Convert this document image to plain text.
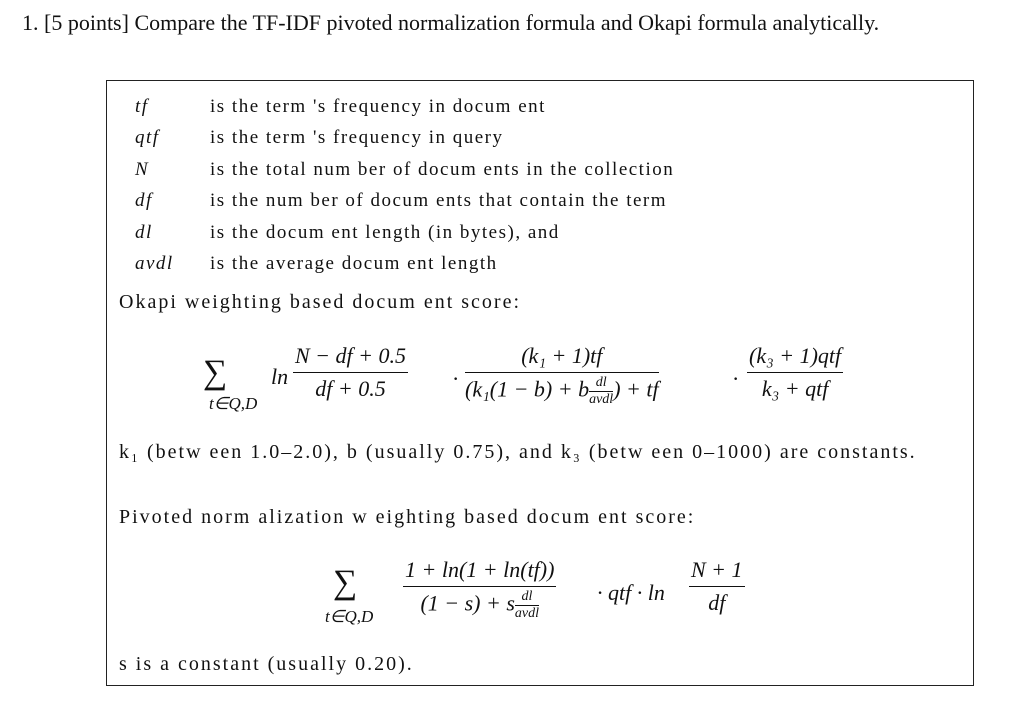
1. [5 points] Compare the TF-IDF pivoted normalization formula and Okapi formula analytically.
tf	is the term 's frequency in docum ent
qtf	is the term 's frequency in query
N	is the total num ber of docum ents in the collection
df	is the num ber of docum ents that contain the term
dl	is the docum ent length (in bytes), and
avdl	is the average docum ent length
Okapi weighting based docum ent score:
∑
t∈Q,D
$\ln \frac{N - df + 0.5}{df + 0.5}$ ·
(k₁ + 1)tf
(k₁(1 − b) + b dl
avdl ) + tf	·
(k₃ + 1)qtf
k₃ + qtf
k₁ (betw een 1.0–2.0), b (usually 0.75), and k₃ (betw een 0–1000) are constants.
Pivoted norm alization w eighting based docum ent score:
∑
t∈Q,D
1 + ln(1 + ln(tf))
(1 − s) + s dl
avdl
· qtf · $\ln \frac{N + 1}{df}$
s is a constant (usually 0.20).
